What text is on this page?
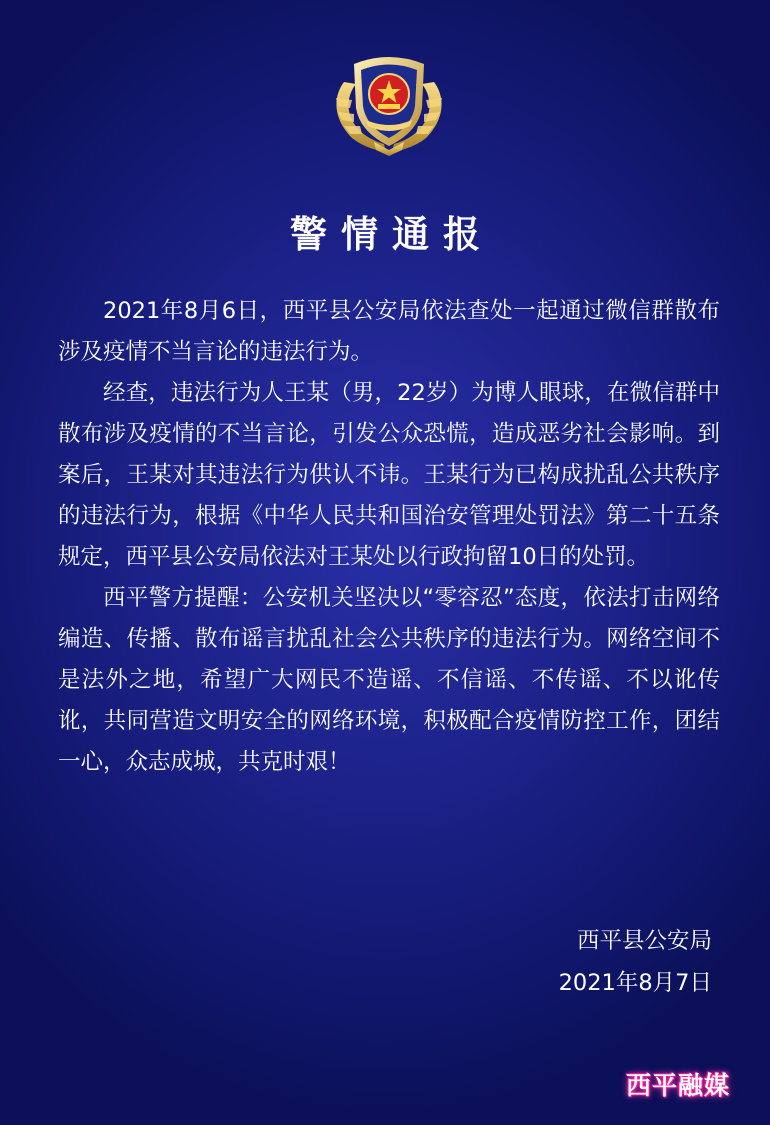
警情通报

2021年8月6日，西平县公安局依法查处一起通过微信群散布涉及疫情不当言论的违法行为。

经查，违法行为人王某（男，22岁）为博人眼球，在微信群中散布涉及疫情的不当言论，引发公众恐慌，造成恶劣社会影响。到案后，王某对其违法行为供认不讳。王某行为已构成扰乱公共秩序的违法行为，根据《中华人民共和国治安管理处罚法》第二十五条规定，西平县公安局依法对王某处以行政拘留10日的处罚。

西平警方提醒：公安机关坚决以“零容忍”态度，依法打击网络编造、传播、散布谣言扰乱社会公共秩序的违法行为。网络空间不是法外之地，希望广大网民不造谣、不信谣、不传谣、不以讹传讹，共同营造文明安全的网络环境，积极配合疫情防控工作，团结一心，众志成城，共克时艰！

西平县公安局
2021年8月7日
西平融媒
